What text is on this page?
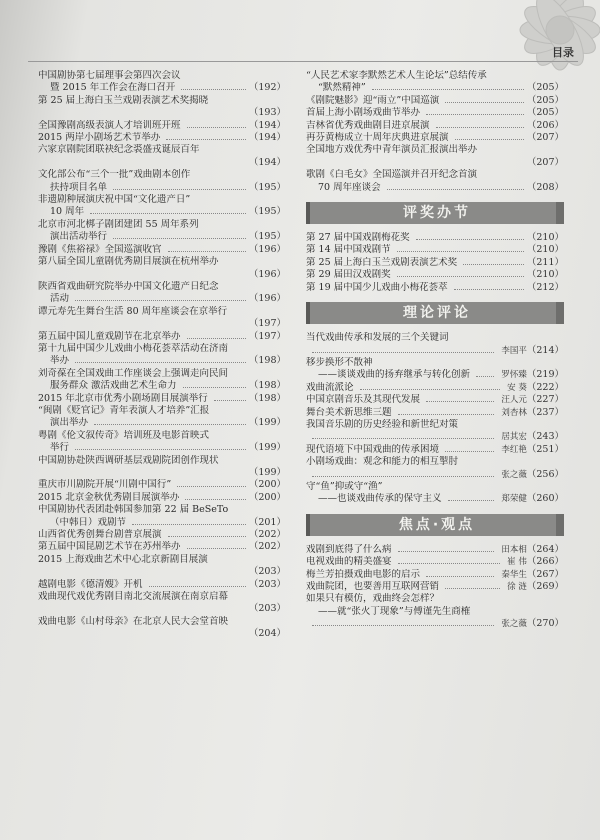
目录
中国剧协第七届理事会第四次会议
暨 2015 年工作会在海口召开	（192）
第 25 届上海白玉兰戏剧表演艺术奖揭晓
（193）
全国豫剧高级表演人才培训班开班	（194）
2015 两岸小剧场艺术节举办	（194）
六家京剧院团联袂纪念裘盛戎诞辰百年
（194）
文化部公布“三个一批”戏曲剧本创作
扶持项目名单	（195）
非遗剧种展演庆祝中国“文化遗产日”
10 周年	（195）
北京市河北梆子剧团建团 55 周年系列
演出活动举行	（195）
豫剧《焦裕禄》全国巡演收官	（196）
第八届全国儿童剧优秀剧目展演在杭州举办
（196）
陕西省戏曲研究院举办中国文化遗产日纪念
活动	（196）
谭元寿先生舞台生活 80 周年座谈会在京举行
（197）
第五届中国儿童戏剧节在北京举办	（197）
第十九届中国少儿戏曲小梅花荟萃活动在济南
举办	（198）
刘奇葆在全国戏曲工作座谈会上强调走向民间
服务群众 激活戏曲艺术生命力	（198）
2015 年北京市优秀小剧场剧目展演举行	（198）
“闽剧《贬官记》青年表演人才培养”汇报
演出举办	（199）
粤剧《伦文叙传奇》培训班及电影首映式
举行	（199）
中国剧协赴陕西调研基层戏剧院团创作现状
（199）
重庆市川剧院开展“川剧中国行”	（200）
2015 北京金秋优秀剧目展演举办	（200）
中国剧协代表团赴韩国参加第 22 届 BeSeTo
（中韩日）戏剧节	（201）
山西省优秀创舞台剧普京展演	（202）
第五届中国昆剧艺术节在苏州举办	（202）
2015 上海戏曲艺术中心北京新剧目展演
（203）
越剧电影《德清嫂》开机	（203）
戏曲现代戏优秀剧目南北交流展演在南京启幕
（203）
戏曲电影《山村母亲》在北京人民大会堂首映
（204）
“人民艺术家李默然艺术人生论坛”总结传承
“默然精神”	（205）
《剧院魅影》迎“雨立”中国巡演	（205）
首届上海小剧场戏曲节举办	（205）
吉林省优秀戏曲剧目进京展演	（206）
再芬黄梅成立十周年庆典进京展演	（207）
全国地方戏优秀中青年演员汇报演出举办
（207）
歌剧《白毛女》全国巡演并召开纪念首演
70 周年座谈会	（208）
评奖办节
第 27 届中国戏剧梅花奖	（210）
第 14 届中国戏剧节	（210）
第 25 届上海白玉兰戏剧表演艺术奖	（211）
第 29 届田汉戏剧奖	（210）
第 19 届中国少儿戏曲小梅花荟萃	（212）
理论评论
当代戏曲传承和发展的三个关键词
李国平 （214）
移步换形不散神
——谈谈戏曲的扬弃继承与转化创新	罗怀臻 （219）
戏曲流派论	安 葵 （222）
中国京剧音乐及其现代发展	汪人元 （227）
舞台美术新思维三题	刘杏林 （237）
我国音乐剧的历史经验和新世纪对策
居其宏 （243）
现代语境下中国戏曲的传承困境	李红艳 （251）
小剧场戏曲：观念和能力的相互掣肘
张之薇 （256）
守“鱼”抑或守“渔”
——也谈戏曲传承的保守主义	郑荣健 （260）
焦点·观点
戏剧到底得了什么病	田本相 （264）
电视戏曲的精美盛宴	崔 伟 （266）
梅兰芳拍摄戏曲电影的启示	秦华生 （267）
戏曲院团，也要善用互联网营销	徐 涟 （269）
如果只有模仿，戏曲终会怎样？
——就“张火丁现象”与傅谨先生商榷
张之薇 （270）
